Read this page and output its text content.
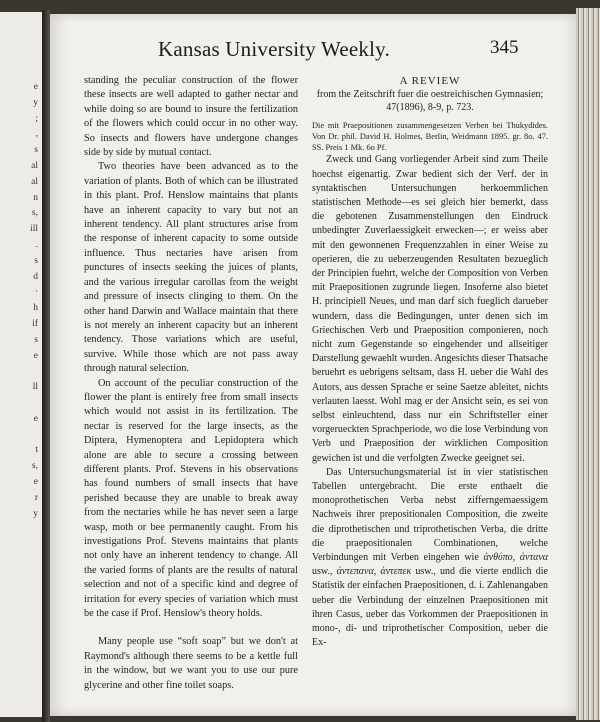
e
y
;
,
s
al
al
n
s,
ill
.
s
d
·
h
if
s
e

ll

e

t
s,
e
r
y

Kansas University Weekly.	345

standing the peculiar construction of the flower these insects are well adapted to gather nectar and while doing so are bound to insure the fertilization of the flowers which could occur in no other way. So insects and flowers have undergone changes side by side by mutual contact.

Two theories have been advanced as to the variation of plants. Both of which can be illustrated in this plant. Prof. Henslow maintains that plants have an inherent capacity to vary but not an inherent tendency. All plant structures arise from the response of inherent capacity to some outside influence. Thus nectaries have arisen from punctures of insects seeking the juices of plants, and the various irregular carollas from the weight and pressure of insects clinging to them. On the other hand Darwin and Wallace maintain that there is not merely an inherent capacity but an inherent tendency. Those variations which are useful, survive. While those which are not pass away through natural selection.

On account of the peculiar construction of the flower the plant is entirely free from small insects which would not assist in its fertilization. The nectar is reserved for the large insects, as the Diptera, Hymenoptera and Lepidoptera which alone are able to secure a crossing between different plants. Prof. Stevens in his observations has found numbers of small insects that have perished because they are unable to break away from the nectaries while he has never seen a large wasp, moth or bee permanently caught. From his investigations Prof. Stevens maintains that plants not only have an inherent tendency to change. All the varied forms of plants are the results of natural selection and not of a specific kind and degree of irritation for every species of variation which must be the case if Prof. Henslow's theory holds.

Many people use “soft soap” but we don't at Raymond's although there seems to be a kettle full in the window, but we want you to use our pure glycerine and other fine toilet soaps.

A REVIEW
from the Zeitschrift fuer die oestreichischen Gymnasien; 47(1896), 8-9, p. 723.

Die mit Praepositionen zusammengesetzen Verben bei Thukydides. Von Dr. phil. David H. Holmes, Berlin, Weidmann 1895. gr. 8o. 47. SS. Preis 1 Mk. 6o Pf.

Zweck und Gang vorliegender Arbeit sind zum Theile hoechst eigenartig. Zwar bedient sich der Verf. der in syntaktischen Untersuchungen herkoemmlichen statistischen Methode—es sei gleich hier bemerkt, dass die gebotenen Zusammenstellungen den Eindruck unbedingter Zuverlaessigkeit erwecken—; er weiss aber mit den gewonnenen Frequenzzahlen in einer Weise zu operieren, die zu ueberzeugenden Resultaten bezueglich der Principien fuehrt, welche der Composition von Verben mit Praepositionen zugrunde liegen. Insoferne also bietet H. principiell Neues, und man darf sich fueglich darueber wundern, dass die Bedingungen, unter denen sich im Griechischen Verb und Praeposition componieren, noch nicht zum Gegenstande so eingehender und allseitiger Darstellung gewaehlt wurden. Angesichts dieser Thatsache beruehrt es uebrigens seltsam, dass H. ueber die Wahl des Autors, aus dessen Sprache er seine Saetze ableitet, nichts verlauten laesst. Wohl mag er der Ansicht sein, es sei von selbst einleuchtend, dass nur ein Schriftsteller einer vorgerueckten Sprachperiode, wo die lose Verbindung von Verb und Praeposition der wirklichen Composition gewichen ist und die verfolgten Zwecke geeignet sei.

Das Untersuchungsmaterial ist in vier statistischen Tabellen untergebracht. Die erste enthaelt die monoprothetischen Verba nebst zifferngemaessigem Nachweis ihrer prepositionalen Composition, die zweite die diprothetischen und triprothetischen Verba, die dritte die praepositionalen Combinationen, welche Verbindungen mit Verben eingehen wie ἀνθύπο, ἀντανα usw., ἀντεπανα, ἀντεπεκ usw., und die vierte endlich die Statistik der einfachen Praepositionen, d. i. Zahlenangaben ueber die Verbindung der einzelnen Praepositionen mit ihren Casus, ueber das Vorkommen der Praepositionen in mono-, di- und triprothetischer Composition, ueber die Ex-
